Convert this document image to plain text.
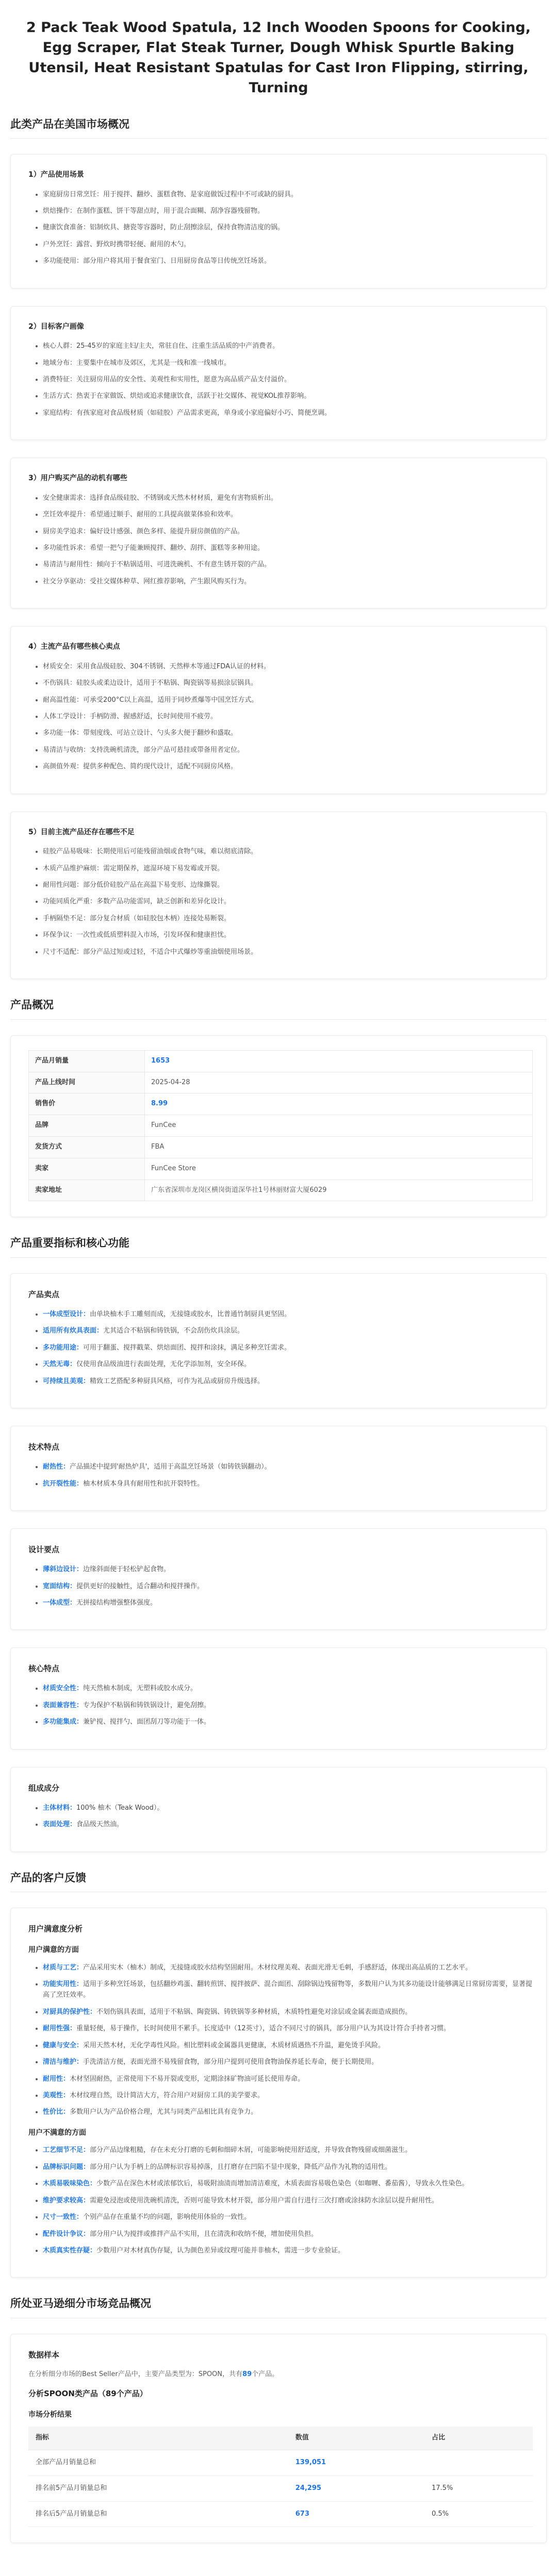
2 Pack Teak Wood Spatula, 12 Inch Wooden Spoons for Cooking, Egg Scraper, Flat Steak Turner, Dough Whisk Spurtle Baking Utensil, Heat Resistant Spatulas for Cast Iron Flipping, stirring, Turning
此类产品在美国市场概况
1）产品使用场景
• 家庭厨房日常烹饪：用于搅拌、翻炒、蛋糕食物、是家庭做饭过程中不可或缺的厨具。
• 烘焙操作：在制作蛋糕、饼干等甜点时，用于混合面糊、刮净容器残留物。
• 健康饮食准备：铝制炊具、搪瓷等容器时，防止刮擦涂层，保持食物清洁度的锅。
• 户外烹饪：露营、野炊时携带轻便、耐用的木勺。
• 多功能使用：部分用户将其用于餐食室门、日用厨房食品等日传统烹饪场景。
2）目标客户画像
• 核心人群：25-45岁的家庭主妇/主夫，常驻自住、注重生活品质的中产消费者。
• 地域分布：主要集中在城市及郊区，尤其是一线和准一线城市。
• 消费特征：关注厨房用品的安全性、美观性和实用性，愿意为高品质产品支付溢价。
• 生活方式：热衷于在家做饭、烘焙或追求健康饮食，活跃于社交媒体、视觉KOL推荐影响。
• 家庭结构：有孩家庭对食品级材质（如硅胶）产品需求更高，单身或小家庭偏好小巧、简便烹调。
3）用户购买产品的动机有哪些
• 安全健康需求：选择食品级硅胶、不锈钢或天然木材材质，避免有害物质析出。
• 烹饪效率提升：希望通过顺手、耐用的工具提高做菜体验和效率。
• 厨房美学追求：偏好设计感强、颜色多样、能提升厨房颜值的产品。
• 多功能性诉求：希望一把勺子能兼顾搅拌、翻炒、刮拌、蛋糕等多种用途。
• 易清洁与耐用性：倾向于不粘锅适用、可进洗碗机、不有意生锈开裂的产品。
• 社交分享驱动：受社交媒体种草、网红推荐影响，产生跟风购买行为。
4）主流产品有哪些核心卖点
• 材质安全：采用食品级硅胶、304不锈钢、天然榉木等通过FDA认证的材料。
• 不伤锅具：硅胶头或柔边设计，适用于不粘锅、陶瓷锅等易损涂层锅具。
• 耐高温性能：可承受200°C以上高温，适用于同炒煮爆等中国烹饪方式。
• 人体工学设计：手柄防滑、握感舒适，长时间使用不疲劳。
• 多功能一体：带刻度线、可站立设计、勺头多大便于翻炒和盛取。
• 易清洁与收纳：支持洗碗机清洗，部分产品可悬挂或带备用者定位。
• 高颜值外观：提供多种配色、简约现代设计，适配不同厨房风格。
5）目前主流产品还存在哪些不足
• 硅胶产品易吸味：长期使用后可能残留油烟或食物气味，难以彻底清除。
• 木质产品维护麻烦：需定期保养，遮湿环境下易发霉或开裂。
• 耐用性问题：部分低价硅胶产品在高温下易变形、边缘撕裂。
• 功能同质化严重：多数产品功能雷同，缺乏创新和差异化设计。
• 手柄隔垫不足：部分复合材质（如硅胶包木柄）连接处易断裂。
• 环保争议：一次性或低质塑料混入市场，引发环保和健康担忧。
• 尺寸不适配：部分产品过短或过轻，不适合中式爆炒等重油烟使用场景。
产品概况
产品月销量	1653
产品上线时间	2025-04-28
销售价	8.99
品牌	FunCee
发货方式	FBA
卖家	FunCee Store
卖家地址	广东省深圳市龙岗区横岗街道深华社1号林丽财富大厦6029
产品重要指标和核心功能
产品卖点
• 一体成型设计：由单块柚木手工雕刻而成，无接缝或胶水，比普通竹制厨具更坚固。
• 适用所有炊具表面：尤其适合不粘锅和铸铁锅，不会刮伤炊具涂层。
• 多功能用途：可用于翻蛋、搅拌戳菜、烘焙面团、搅拌和涂抹，满足多种烹饪需求。
• 天然无毒：仅使用食品级油进行表面处理，无化学添加剂，安全环保。
• 可持续且美观：精致工艺搭配多种厨具风格，可作为礼品或厨房升级选择。
技术特点
• 耐热性：产品描述中提到'耐热炉具'，适用于高温烹饪场景（如铸铁锅翻动）。
• 抗开裂性能：柚木材质本身具有耐用性和抗开裂特性。
设计要点
• 薄斜边设计：边缘斜面便于轻松铲起食物。
• 宽面结构：提供更好的接触性，适合翻动和搅拌操作。
• 一体成型：无拼接结构增强整体强度。
核心特点
• 材质安全性：纯天然柚木制成，无塑料或胶水成分。
• 表面兼容性：专为保护不粘锅和铸铁锅设计，避免刮擦。
• 多功能集成：兼铲搅、搅拌勺、面团刮刀等功能于一体。
组成成分
• 主体材料：100% 柚木（Teak Wood）。
• 表面处理：食品级天然油。
产品的客户反馈
用户满意度分析
用户满意的方面
• 材质与工艺：产品采用实木（柚木）制成，无接缝或胶水结构坚固耐用。木材纹理美观、表面光滑无毛刺，手感舒适，体现出高品质的工艺水平。
• 功能实用性：适用于多种烹饪场景，包括翻炒鸡蛋、翻转煎饼、搅拌披萨、混合面团、刮除锅边残留物等，多数用户认为其多功能设计能够满足日常厨房需要，显著提高了烹饪效率。
• 对厨具的保护性：不划伤锅具表面，适用于不粘锅、陶瓷锅、铸铁锅等多种材质，木质特性避免对涂层或金属表面造成损伤。
• 耐用性强：重量轻便，易于操作，长时间使用不累手。长度适中（12英寸），适合不同尺寸的锅具，部分用户认为其设计符合手持者习惯。
• 健康与安全：采用天然木材，无化学毒性风险。相比塑料或金属器具更健康，木质材质遇热不升温，避免烫手风险。
• 清洁与维护：手洗清洁方便，表面光滑不易残留食物，部分用户提到可使用食物油保养延长寿命，便于长期使用。
• 耐用性：木材坚固耐热，正常使用下不易开裂或变形，定期涂抹矿物油可延长使用寿命。
• 美观性：木材纹理自然，设计简洁大方，符合用户对厨房工具的美学要求。
• 性价比：多数用户认为产品价格合理，尤其与同类产品相比具有竞争力。
用户不满意的方面
• 工艺细节不足：部分产品边缘粗糙，存在未充分打磨的毛刺和细碎木屑，可能影响使用舒适度，并导致食物残留或细菌滋生。
• 品牌标识问题：部分用户认为手柄上的品牌标识容易掉落，且打磨存在凹陷不显中现象，降低产品作为礼物的适用性。
• 木质易吸味染色：少数产品在深色木材或浓郁饮后，易吸附油渍而增加清洁难度，木质表面容易吸色染色（如咖喱、番茄酱），导致永久性染色。
• 维护要求较高：需避免浸泡或使用洗碗机清洗，否则可能导致木材开裂，部分用户需自行进行三次打磨或涂抹防水涂层以提升耐用性。
• 尺寸一致性：个别产品存在重量不均的问题，影响使用体验的一致性。
• 配件设计争议：部分用户认为搅拌或推拌产品不实用，且在清洗和收纳不便，增加使用负担。
• 木质真实性存疑：少数用户对木材真伪存疑，认为颜色差异或纹理可能并非柚木，需进一步专业验证。
所处亚马逊细分市场竞品概况
数据样本

在分析细分市场的Best Seller产品中，主要产品类型为：SPOON，共有89个产品。

分析SPOON类产品（89个产品）
市场分析结果
指标	数值	占比
全部产品月销量总和	139,051	
排名前5产品月销量总和	24,295	17.5%
排名后5产品月销量总和	673	0.5%
